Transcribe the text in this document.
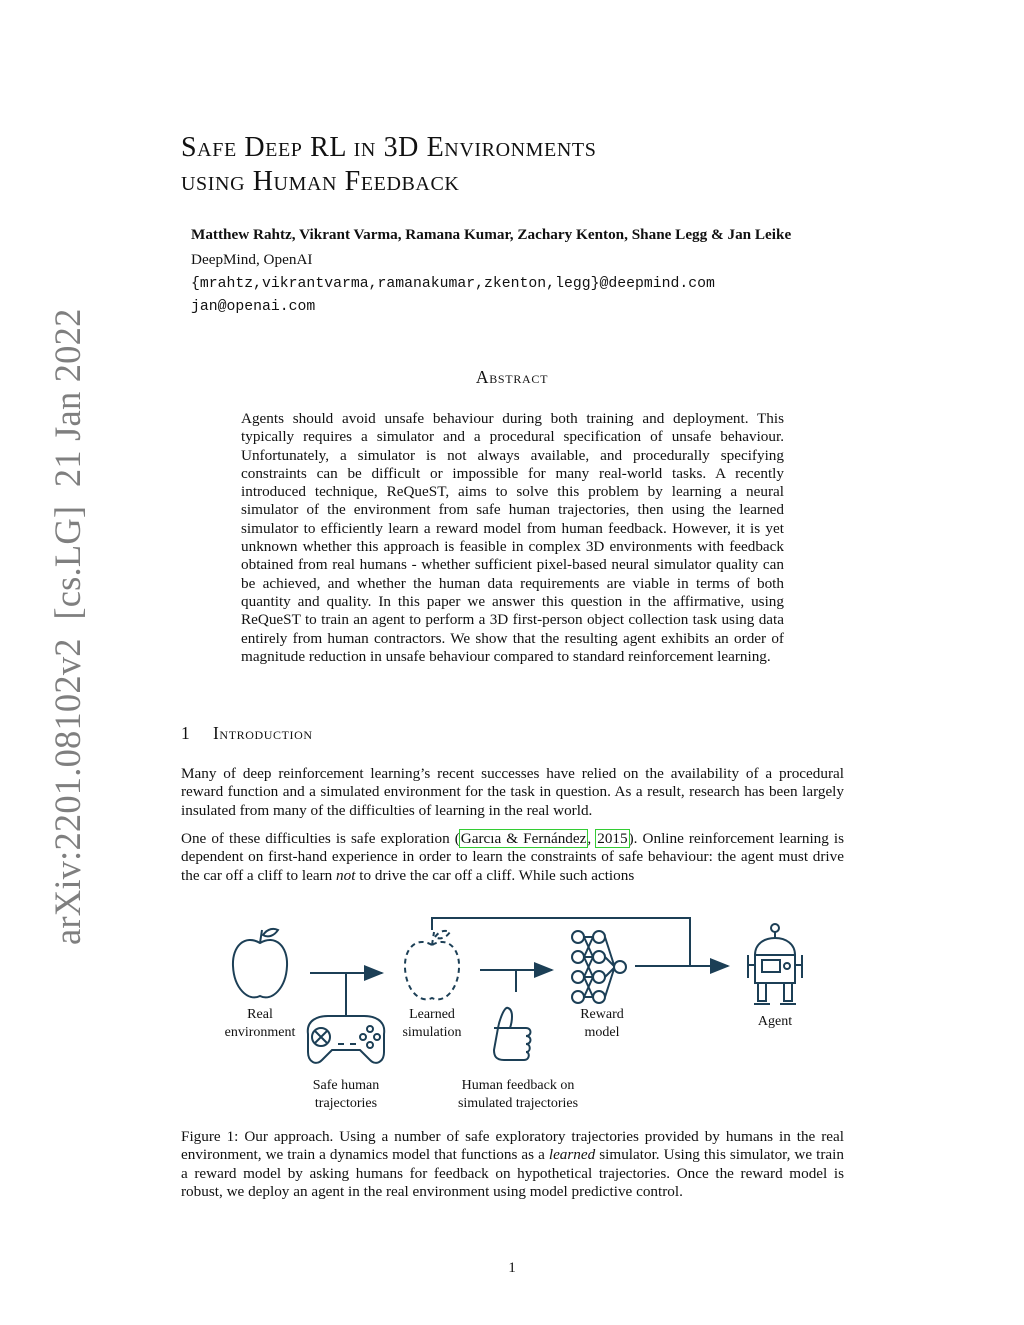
arXiv:2201.08102v2  [cs.LG]  21 Jan 2022
Safe Deep RL in 3D Environments
using Human Feedback
Matthew Rahtz, Vikrant Varma, Ramana Kumar, Zachary Kenton, Shane Legg & Jan Leike
DeepMind, OpenAI
{mrahtz,vikrantvarma,ramanakumar,zkenton,legg}@deepmind.com
jan@openai.com
Abstract
Agents should avoid unsafe behaviour during both training and deployment. This typically requires a simulator and a procedural specification of unsafe behaviour. Unfortunately, a simulator is not always available, and procedurally specifying constraints can be difficult or impossible for many real-world tasks. A recently introduced technique, ReQueST, aims to solve this problem by learning a neural simulator of the environment from safe human trajectories, then using the learned simulator to efficiently learn a reward model from human feedback. However, it is yet unknown whether this approach is feasible in complex 3D environments with feedback obtained from real humans - whether sufficient pixel-based neural simulator quality can be achieved, and whether the human data requirements are viable in terms of both quantity and quality. In this paper we answer this question in the affirmative, using ReQueST to train an agent to perform a 3D first-person object collection task using data entirely from human contractors. We show that the resulting agent exhibits an order of magnitude reduction in unsafe behaviour compared to standard reinforcement learning.
1 Introduction
Many of deep reinforcement learning’s recent successes have relied on the availability of a procedural reward function and a simulated environment for the task in question. As a result, research has been largely insulated from many of the difficulties of learning in the real world.
One of these difficulties is safe exploration (Garcıa & Fernández, 2015). Online reinforcement learning is dependent on first-hand experience in order to learn the constraints of safe behaviour: the agent must drive the car off a cliff to learn not to drive the car off a cliff. While such actions
Real
environment
Learned
simulation
Reward
model
Agent
Safe human
trajectories
Human feedback on
simulated trajectories
Figure 1: Our approach. Using a number of safe exploratory trajectories provided by humans in the real environment, we train a dynamics model that functions as a learned simulator. Using this simulator, we train a reward model by asking humans for feedback on hypothetical trajectories. Once the reward model is robust, we deploy an agent in the real environment using model predictive control.
1
